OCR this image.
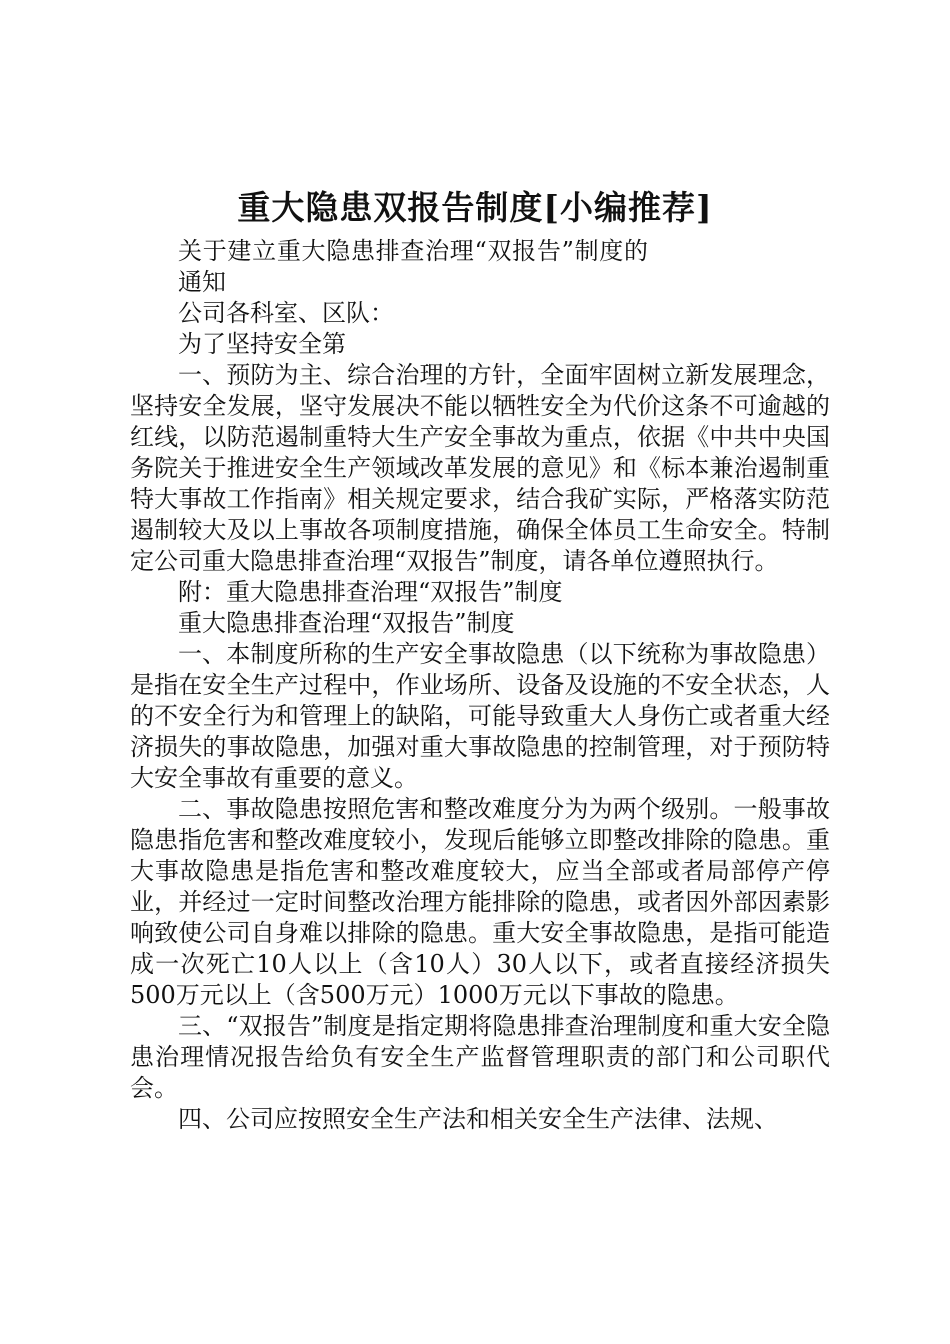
重大隐患双报告制度[小编推荐]

关于建立重大隐患排查治理“双报告”制度的通知

公司各科室、区队：

为了坚持安全第

一、预防为主、综合治理的方针，全面牢固树立新发展理念，坚持安全发展，坚守发展决不能以牺牲安全为代价这条不可逾越的红线，以防范遏制重特大生产安全事故为重点，依据《中共中央国务院关于推进安全生产领域改革发展的意见》和《标本兼治遏制重特大事故工作指南》相关规定要求，结合我矿实际，严格落实防范遏制较大及以上事故各项制度措施，确保全体员工生命安全。特制定公司重大隐患排查治理“双报告”制度，请各单位遵照执行。

附：重大隐患排查治理“双报告”制度

重大隐患排查治理“双报告”制度

一、本制度所称的生产安全事故隐患（以下统称为事故隐患）是指在安全生产过程中，作业场所、设备及设施的不安全状态，人的不安全行为和管理上的缺陷，可能导致重大人身伤亡或者重大经济损失的事故隐患，加强对重大事故隐患的控制管理，对于预防特大安全事故有重要的意义。

二、事故隐患按照危害和整改难度分为为两个级别。一般事故隐患指危害和整改难度较小，发现后能够立即整改排除的隐患。重大事故隐患是指危害和整改难度较大，应当全部或者局部停产停业，并经过一定时间整改治理方能排除的隐患，或者因外部因素影响致使公司自身难以排除的隐患。重大安全事故隐患，是指可能造成一次死亡10人以上（含10人）30人以下，或者直接经济损失500万元以上（含500万元）1000万元以下事故的隐患。

三、“双报告”制度是指定期将隐患排查治理制度和重大安全隐患治理情况报告给负有安全生产监督管理职责的部门和公司职代会。

四、公司应按照安全生产法和相关安全生产法律、法规、
